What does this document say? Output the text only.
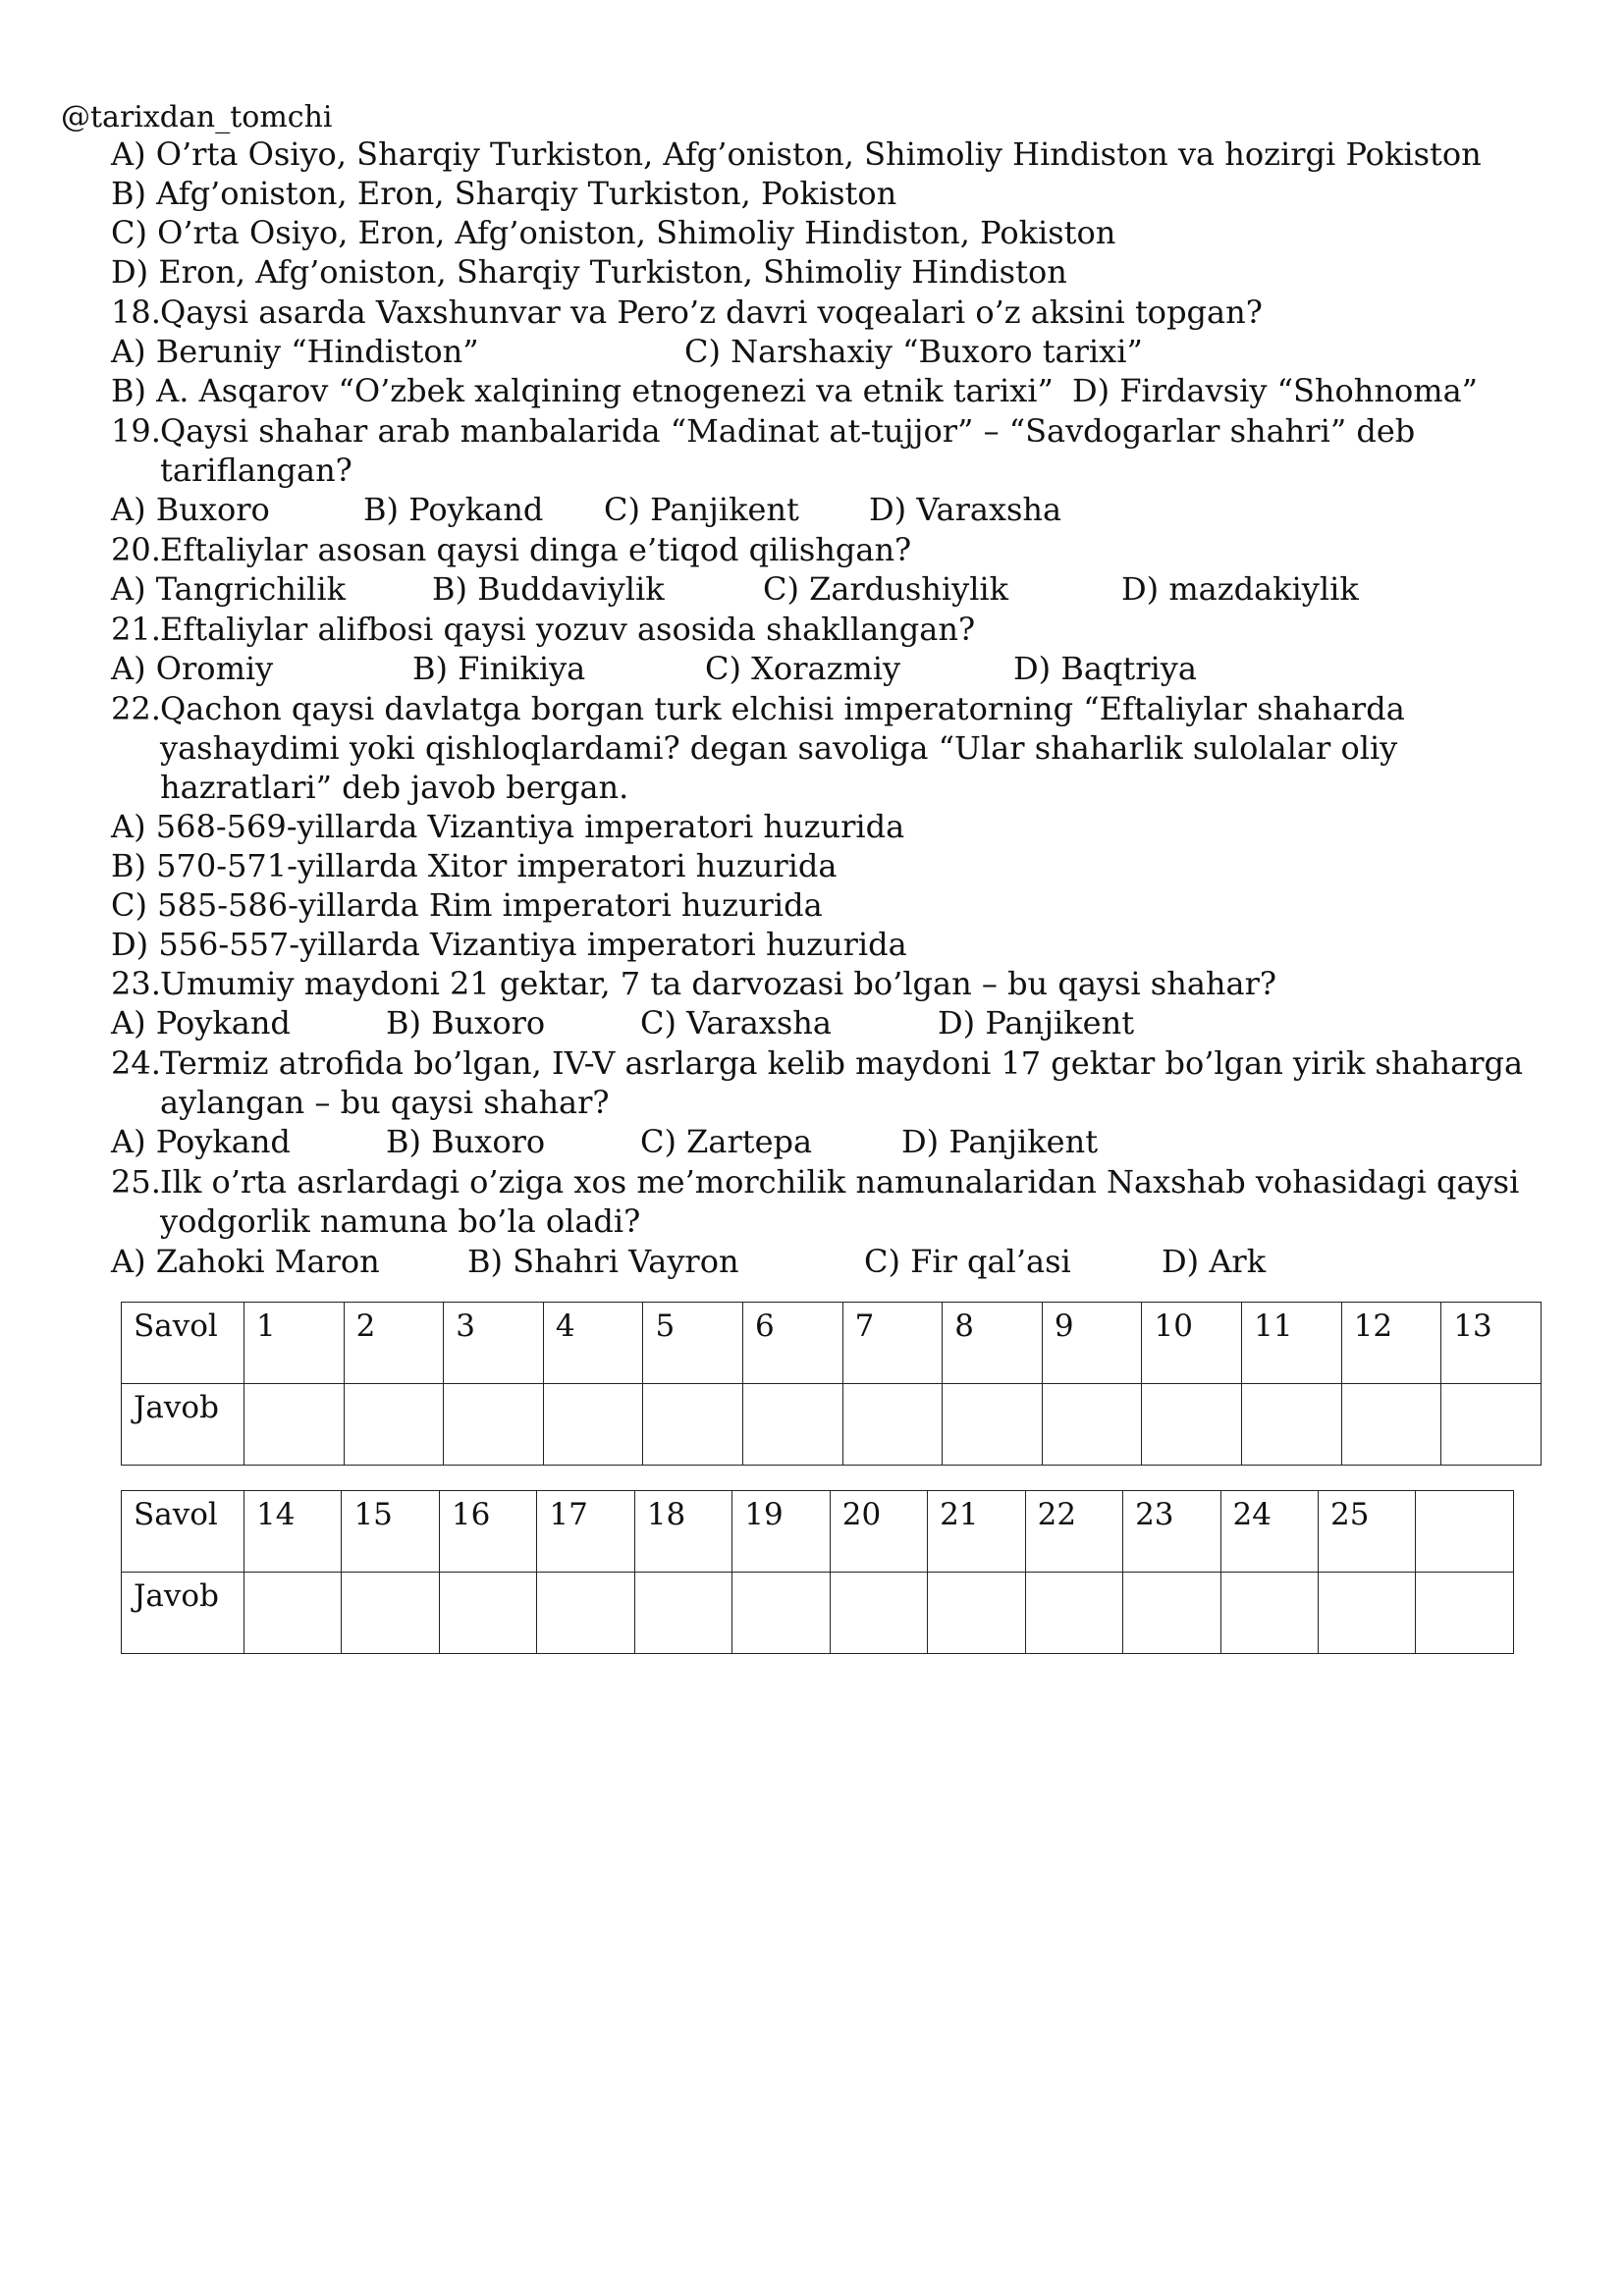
@tarixdan_tomchi
A) O’rta Osiyo, Sharqiy Turkiston, Afg’oniston, Shimoliy Hindiston va hozirgi Pokiston
B) Afg’oniston, Eron, Sharqiy Turkiston, Pokiston
C) O’rta Osiyo, Eron, Afg’oniston, Shimoliy Hindiston, Pokiston
D) Eron, Afg’oniston, Sharqiy Turkiston, Shimoliy Hindiston
18. Qaysi asarda Vaxshunvar va Pero’z davri voqealari o’z aksini topgan?
A) Beruniy “Hindiston”	C) Narshaxiy “Buxoro tarixi”
B) A. Asqarov “O’zbek xalqining etnogenezi va etnik tarixi” D) Firdavsiy “Shohnoma”
19. Qaysi shahar arab manbalarida “Madinat at-tujjor” – “Savdogarlar shahri” deb
tariflangan?
A) Buxoro	B) Poykand C) Panjikent D) Varaxsha
20. Eftaliylar asosan qaysi dinga e’tiqod qilishgan?
A) Tangrichilik	B) Buddaviylik	C) Zardushiylik	D) mazdakiylik
21. Eftaliylar alifbosi qaysi yozuv asosida shakllangan?
A) Oromiy	B) Finikiya	C) Xorazmiy	D) Baqtriya
22. Qachon qaysi davlatga borgan turk elchisi imperatorning “Eftaliylar shaharda
yashaydimi yoki qishloqlardami? degan savoliga “Ular shaharlik sulolalar oliy
hazratlari” deb javob bergan.
A) 568-569-yillarda Vizantiya imperatori huzurida
B) 570-571-yillarda Xitor imperatori huzurida
C) 585-586-yillarda Rim imperatori huzurida
D) 556-557-yillarda Vizantiya imperatori huzurida
23. Umumiy maydoni 21 gektar, 7 ta darvozasi bo’lgan – bu qaysi shahar?
A) Poykand	B) Buxoro	C) Varaxsha	D) Panjikent
24. Termiz atrofida bo’lgan, IV-V asrlarga kelib maydoni 17 gektar bo’lgan yirik shaharga
aylangan – bu qaysi shahar?
A) Poykand	B) Buxoro	C) Zartepa	D) Panjikent
25. Ilk o’rta asrlardagi o’ziga xos me’morchilik namunalaridan Naxshab vohasidagi qaysi
yodgorlik namuna bo’la oladi?
A) Zahoki Maron	B) Shahri Vayron	C) Fir qal’asi	D) Ark
Savol	1	2	3	4	5	6	7	8	9	10	11	12	13
Javob													
Savol	14	15	16	17	18	19	20	21	22	23	24	25	
Javob													
